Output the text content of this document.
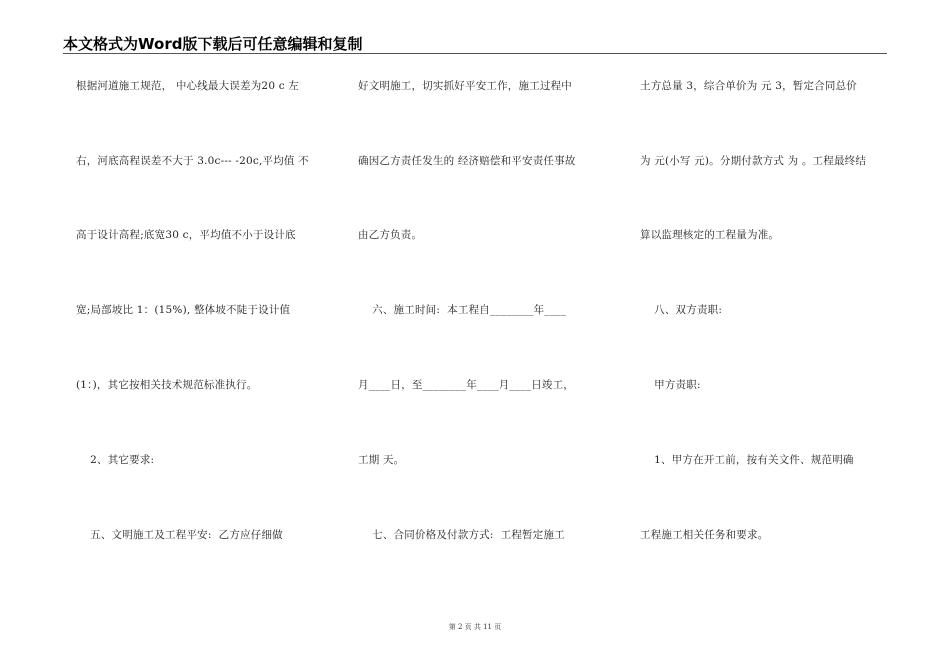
本文格式为Word版下载后可任意编辑和复制
根据河道施工规范， 中心线最大误差为20 c 左
右，河底高程误差不大于 3.0c--- -20c,平均值 不
高于设计高程;底宽30 c，平均值不小于设计底
宽;局部坡比 1：(15%), 整体坡不陡于设计值
(1：)，其它按相关技术规范标准执行。
2、其它要求:
五、文明施工及工程平安:  乙方应仔细做
好文明施工，切实抓好平安工作，施工过程中
确因乙方责任发生的 经济赔偿和平安责任事故
由乙方负责。
六、施工时间:  本工程自________年____
月____日，至________年____月____日竣工，
工期 天。
七、合同价格及付款方式:  工程暂定施工
土方总量 3，综合单价为 元 3，暂定合同总价
为 元(小写 元)。分期付款方式 为 。工程最终结
算以监理核定的工程量为准。
八、双方责职:
甲方责职:
1、甲方在开工前，按有关文件、规范明确
工程施工相关任务和要求。
第 2 页 共 11 页
